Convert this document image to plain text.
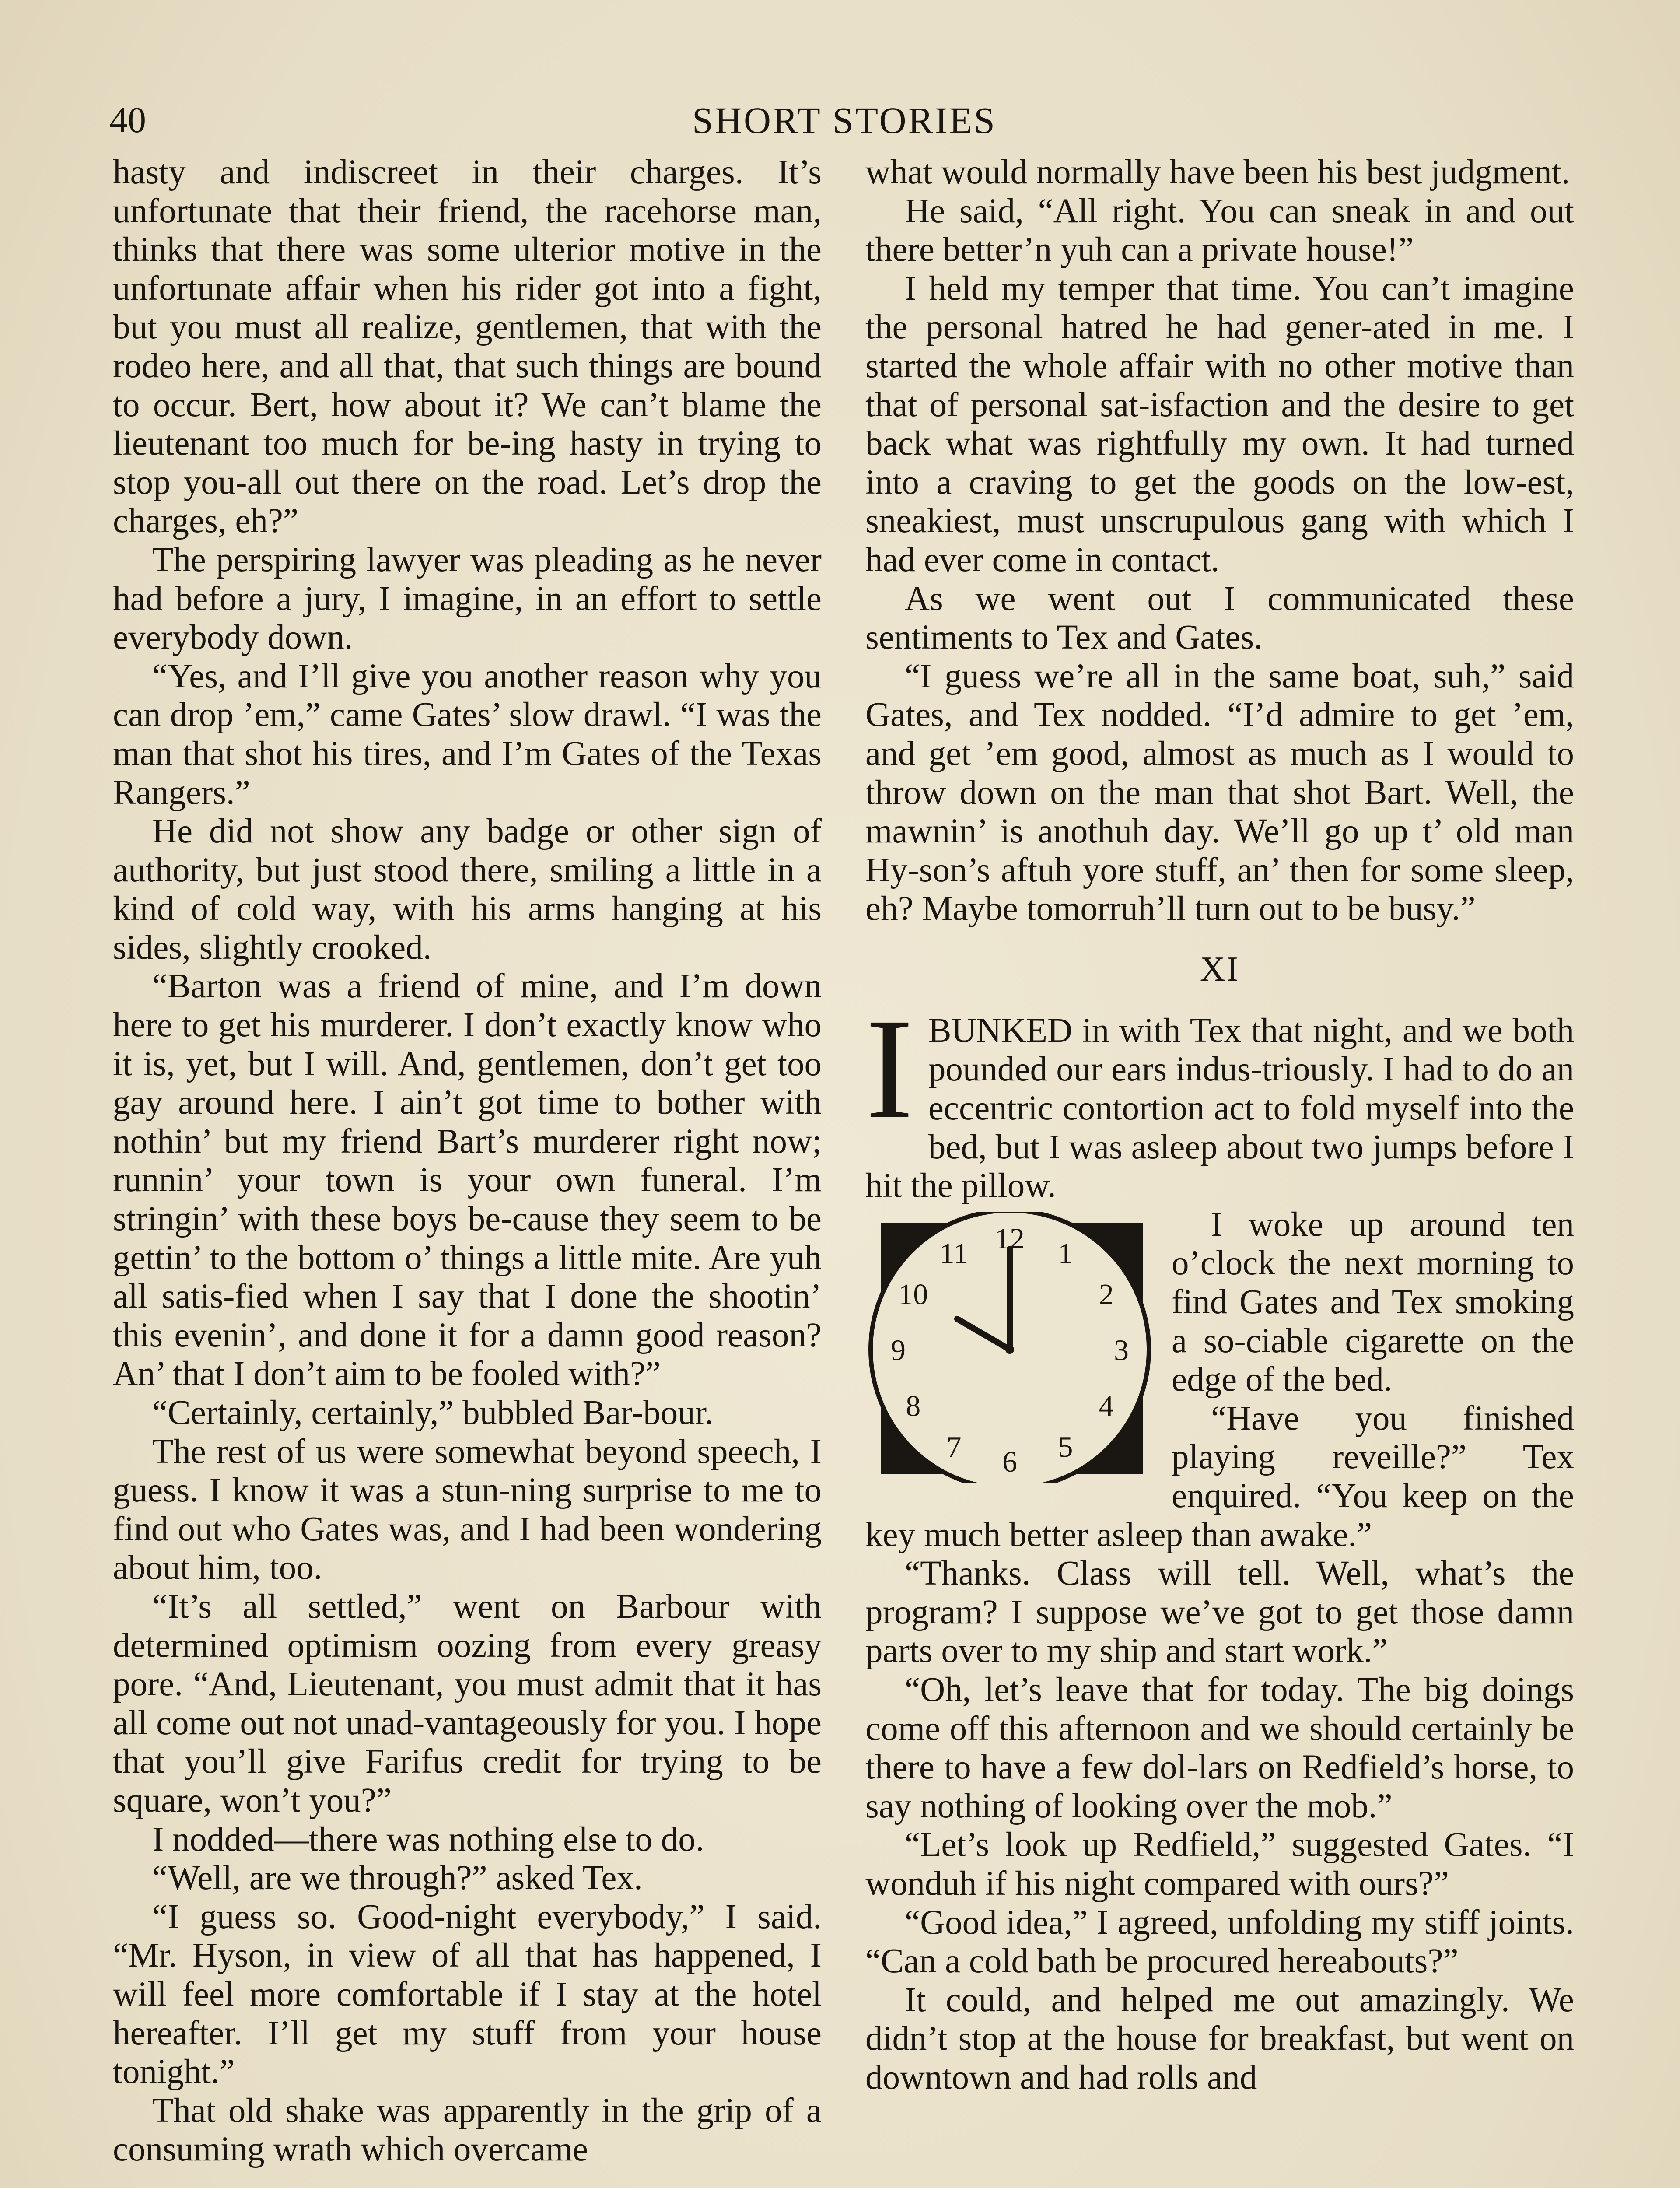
40	SHORT STORIES

hasty and indiscreet in their charges. It’s unfortunate that their friend, the racehorse man, thinks that there was some ulterior motive in the unfortunate affair when his rider got into a fight, but you must all realize, gentlemen, that with the rodeo here, and all that, that such things are bound to occur. Bert, how about it? We can’t blame the lieutenant too much for be-ing hasty in trying to stop you-all out there on the road. Let’s drop the charges, eh?”

The perspiring lawyer was pleading as he never had before a jury, I imagine, in an effort to settle everybody down.

“Yes, and I’ll give you another reason why you can drop ’em,” came Gates’ slow drawl. “I was the man that shot his tires, and I’m Gates of the Texas Rangers.”

He did not show any badge or other sign of authority, but just stood there, smiling a little in a kind of cold way, with his arms hanging at his sides, slightly crooked.

“Barton was a friend of mine, and I’m down here to get his murderer. I don’t exactly know who it is, yet, but I will. And, gentlemen, don’t get too gay around here. I ain’t got time to bother with nothin’ but my friend Bart’s murderer right now; runnin’ your town is your own funeral. I’m stringin’ with these boys be-cause they seem to be gettin’ to the bottom o’ things a little mite. Are yuh all satis-fied when I say that I done the shootin’ this evenin’, and done it for a damn good reason? An’ that I don’t aim to be fooled with?”

“Certainly, certainly,” bubbled Bar-bour.

The rest of us were somewhat beyond speech, I guess. I know it was a stun-ning surprise to me to find out who Gates was, and I had been wondering about him, too.

“It’s all settled,” went on Barbour with determined optimism oozing from every greasy pore. “And, Lieutenant, you must admit that it has all come out not unad-vantageously for you. I hope that you’ll give Farifus credit for trying to be square, won’t you?”

I nodded—there was nothing else to do.

“Well, are we through?” asked Tex.

“I guess so. Good-night everybody,” I said. “Mr. Hyson, in view of all that has happened, I will feel more comfortable if I stay at the hotel hereafter. I’ll get my stuff from your house tonight.”

That old shake was apparently in the grip of a consuming wrath which overcame

what would normally have been his best judgment.

He said, “All right. You can sneak in and out there better’n yuh can a private house!”

I held my temper that time. You can’t imagine the personal hatred he had gener-ated in me. I started the whole affair with no other motive than that of personal sat-isfaction and the desire to get back what was rightfully my own. It had turned into a craving to get the goods on the low-est, sneakiest, must unscrupulous gang with which I had ever come in contact.

As we went out I communicated these sentiments to Tex and Gates.

“I guess we’re all in the same boat, suh,” said Gates, and Tex nodded. “I’d admire to get ’em, and get ’em good, almost as much as I would to throw down on the man that shot Bart. Well, the mawnin’ is anothuh day. We’ll go up t’ old man Hy-son’s aftuh yore stuff, an’ then for some sleep, eh? Maybe tomorruh’ll turn out to be busy.”

XI

IBUNKED in with Tex that night, and we both pounded our ears indus-triously. I had to do an eccentric contortion act to fold myself into the bed, but I was asleep about two jumps before I hit the pillow.

12 1
2
3
4
5
6
7
8
9
10
11
I woke up around ten o’clock the next morning to find Gates and Tex smoking a so-ciable cigarette on the edge of the bed.

“Have you finished playing reveille?” Tex enquired. “You keep on the key much better asleep than awake.”

“Thanks. Class will tell. Well, what’s the program? I suppose we’ve got to get those damn parts over to my ship and start work.”

“Oh, let’s leave that for today. The big doings come off this afternoon and we should certainly be there to have a few dol-lars on Redfield’s horse, to say nothing of looking over the mob.”

“Let’s look up Redfield,” suggested Gates. “I wonduh if his night compared with ours?”

“Good idea,” I agreed, unfolding my stiff joints. “Can a cold bath be procured hereabouts?”

It could, and helped me out amazingly. We didn’t stop at the house for breakfast, but went on downtown and had rolls and
